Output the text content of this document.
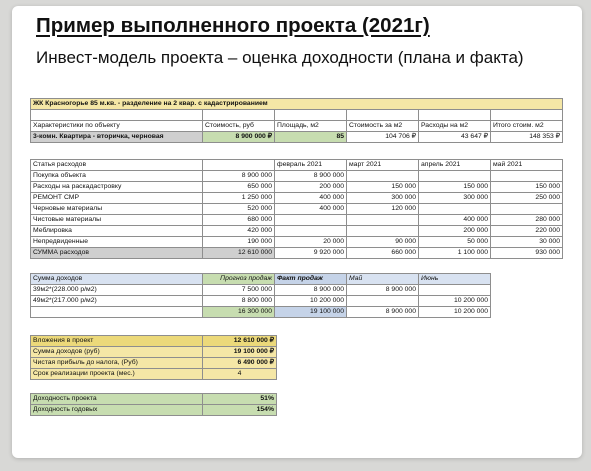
Пример выполненного проекта (2021г)
Инвест-модель проекта – оценка доходности (плана и факта)
ЖК Красногорье 85 м.кв. - разделение на 2 квар. с кадастрированием					

Характеристики по объекту	Стоимость, руб	Площадь, м2	Стоимость за м2	Расходы на м2	Итого стоим. м2
3-комн. Квартира - вторичка, черновая	8 900 000 ₽	85	104 706 ₽	43 647 ₽	148 353 ₽
Статья расходов		февраль 2021	март 2021	апрель 2021	май 2021
Покупка объекта	8 900 000	8 900 000			
Расходы на раскадастровку	650 000	200 000	150 000	150 000	150 000
РЕМОНТ СМР	1 250 000	400 000	300 000	300 000	250 000
Черновые материалы	520 000	400 000	120 000		
Чистовые материалы	680 000			400 000	280 000
Меблировка	420 000			200 000	220 000
Непредвиденные	190 000	20 000	90 000	50 000	30 000
СУММА расходов	12 610 000	9 920 000	660 000	1 100 000	930 000
Сумма доходов	Прогноз продаж	Факт продаж	Май	Июнь
39м2*(228.000 р/м2)	7 500 000	8 900 000	8 900 000	
49м2*(217.000 р/м2)	8 800 000	10 200 000		10 200 000
	16 300 000	19 100 000	8 900 000	10 200 000
Вложения в проект	12 610 000 ₽
Сумма доходов (руб)	19 100 000 ₽
Чистая прибыль до налога, (Руб)	6 490 000 ₽
Срок реализации проекта (мес.)	4
Доходность проекта	51%
Доходность годовых	154%
